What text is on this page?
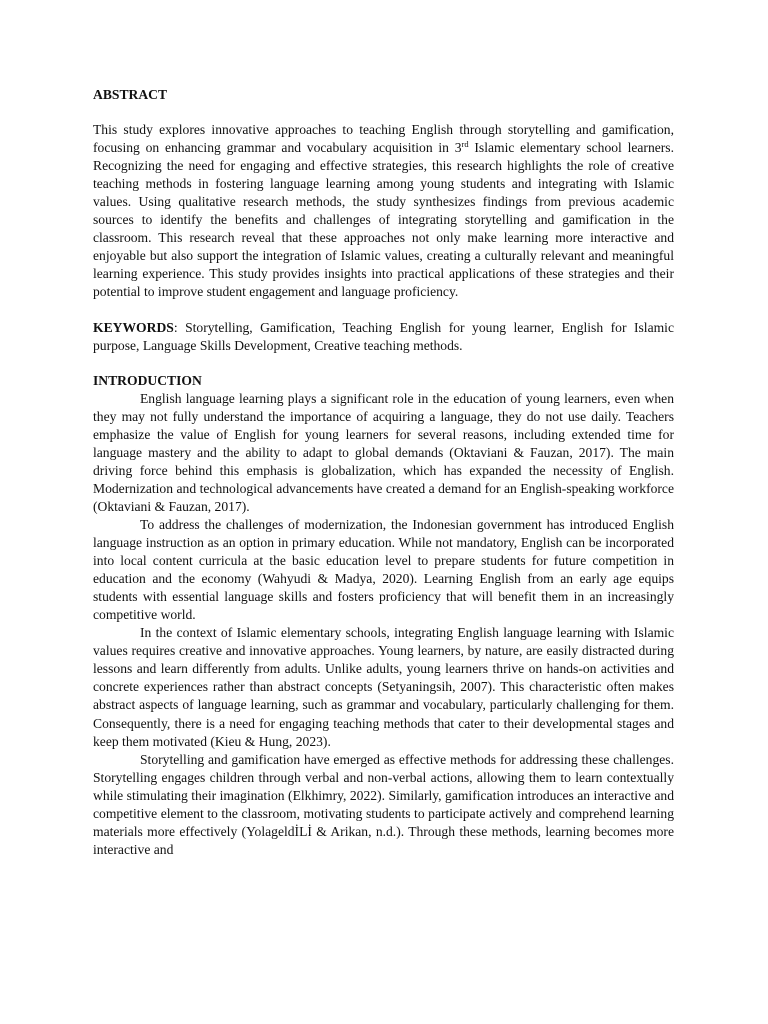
ABSTRACT

This study explores innovative approaches to teaching English through storytelling and gamification, focusing on enhancing grammar and vocabulary acquisition in 3rd Islamic elementary school learners. Recognizing the need for engaging and effective strategies, this research highlights the role of creative teaching methods in fostering language learning among young students and integrating with Islamic values. Using qualitative research methods, the study synthesizes findings from previous academic sources to identify the benefits and challenges of integrating storytelling and gamification in the classroom. This research reveal that these approaches not only make learning more interactive and enjoyable but also support the integration of Islamic values, creating a culturally relevant and meaningful learning experience. This study provides insights into practical applications of these strategies and their potential to improve student engagement and language proficiency.

KEYWORDS: Storytelling, Gamification, Teaching English for young learner, English for Islamic purpose, Language Skills Development, Creative teaching methods.

INTRODUCTION

English language learning plays a significant role in the education of young learners, even when they may not fully understand the importance of acquiring a language, they do not use daily. Teachers emphasize the value of English for young learners for several reasons, including extended time for language mastery and the ability to adapt to global demands (Oktaviani & Fauzan, 2017). The main driving force behind this emphasis is globalization, which has expanded the necessity of English. Modernization and technological advancements have created a demand for an English-speaking workforce (Oktaviani & Fauzan, 2017).

To address the challenges of modernization, the Indonesian government has introduced English language instruction as an option in primary education. While not mandatory, English can be incorporated into local content curricula at the basic education level to prepare students for future competition in education and the economy (Wahyudi & Madya, 2020). Learning English from an early age equips students with essential language skills and fosters proficiency that will benefit them in an increasingly competitive world.

In the context of Islamic elementary schools, integrating English language learning with Islamic values requires creative and innovative approaches. Young learners, by nature, are easily distracted during lessons and learn differently from adults. Unlike adults, young learners thrive on hands-on activities and concrete experiences rather than abstract concepts (Setyaningsih, 2007). This characteristic often makes abstract aspects of language learning, such as grammar and vocabulary, particularly challenging for them. Consequently, there is a need for engaging teaching methods that cater to their developmental stages and keep them motivated (Kieu & Hung, 2023).

Storytelling and gamification have emerged as effective methods for addressing these challenges. Storytelling engages children through verbal and non-verbal actions, allowing them to learn contextually while stimulating their imagination (Elkhimry, 2022). Similarly, gamification introduces an interactive and competitive element to the classroom, motivating students to participate actively and comprehend learning materials more effectively (YolageldİLİ & Arikan, n.d.). Through these methods, learning becomes more interactive and
